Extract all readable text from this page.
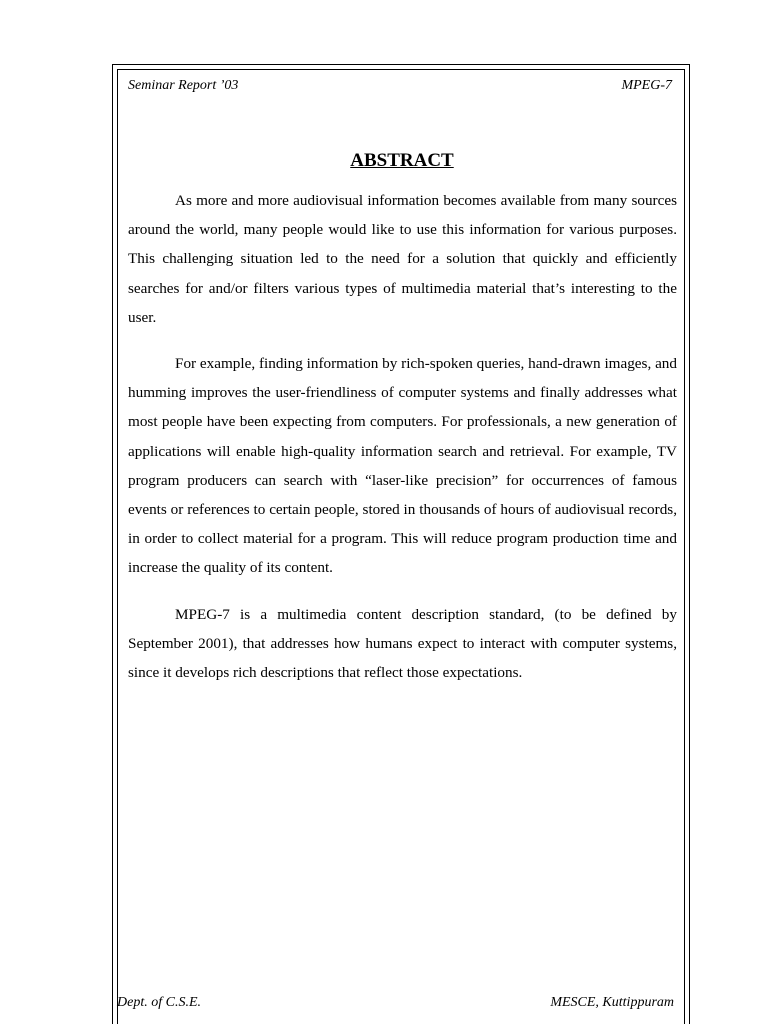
Seminar Report ’03	MPEG-7
ABSTRACT

As more and more audiovisual information becomes available from many sources around the world, many people would like to use this information for various purposes. This challenging situation led to the need for a solution that quickly and efficiently searches for and/or filters various types of multimedia material that’s interesting to the user.

For example, finding information by rich-spoken queries, hand-drawn images, and humming improves the user-friendliness of computer systems and finally addresses what most people have been expecting from computers. For professionals, a new generation of applications will enable high-quality information search and retrieval. For example, TV program producers can search with “laser-like precision” for occurrences of famous events or references to certain people, stored in thousands of hours of audiovisual records, in order to collect material for a program. This will reduce program production time and increase the quality of its content.

MPEG-7 is a multimedia content description standard, (to be defined by September 2001), that addresses how humans expect to interact with computer systems, since it develops rich descriptions that reflect those expectations.

Dept. of C.S.E.	MESCE, Kuttippuram
